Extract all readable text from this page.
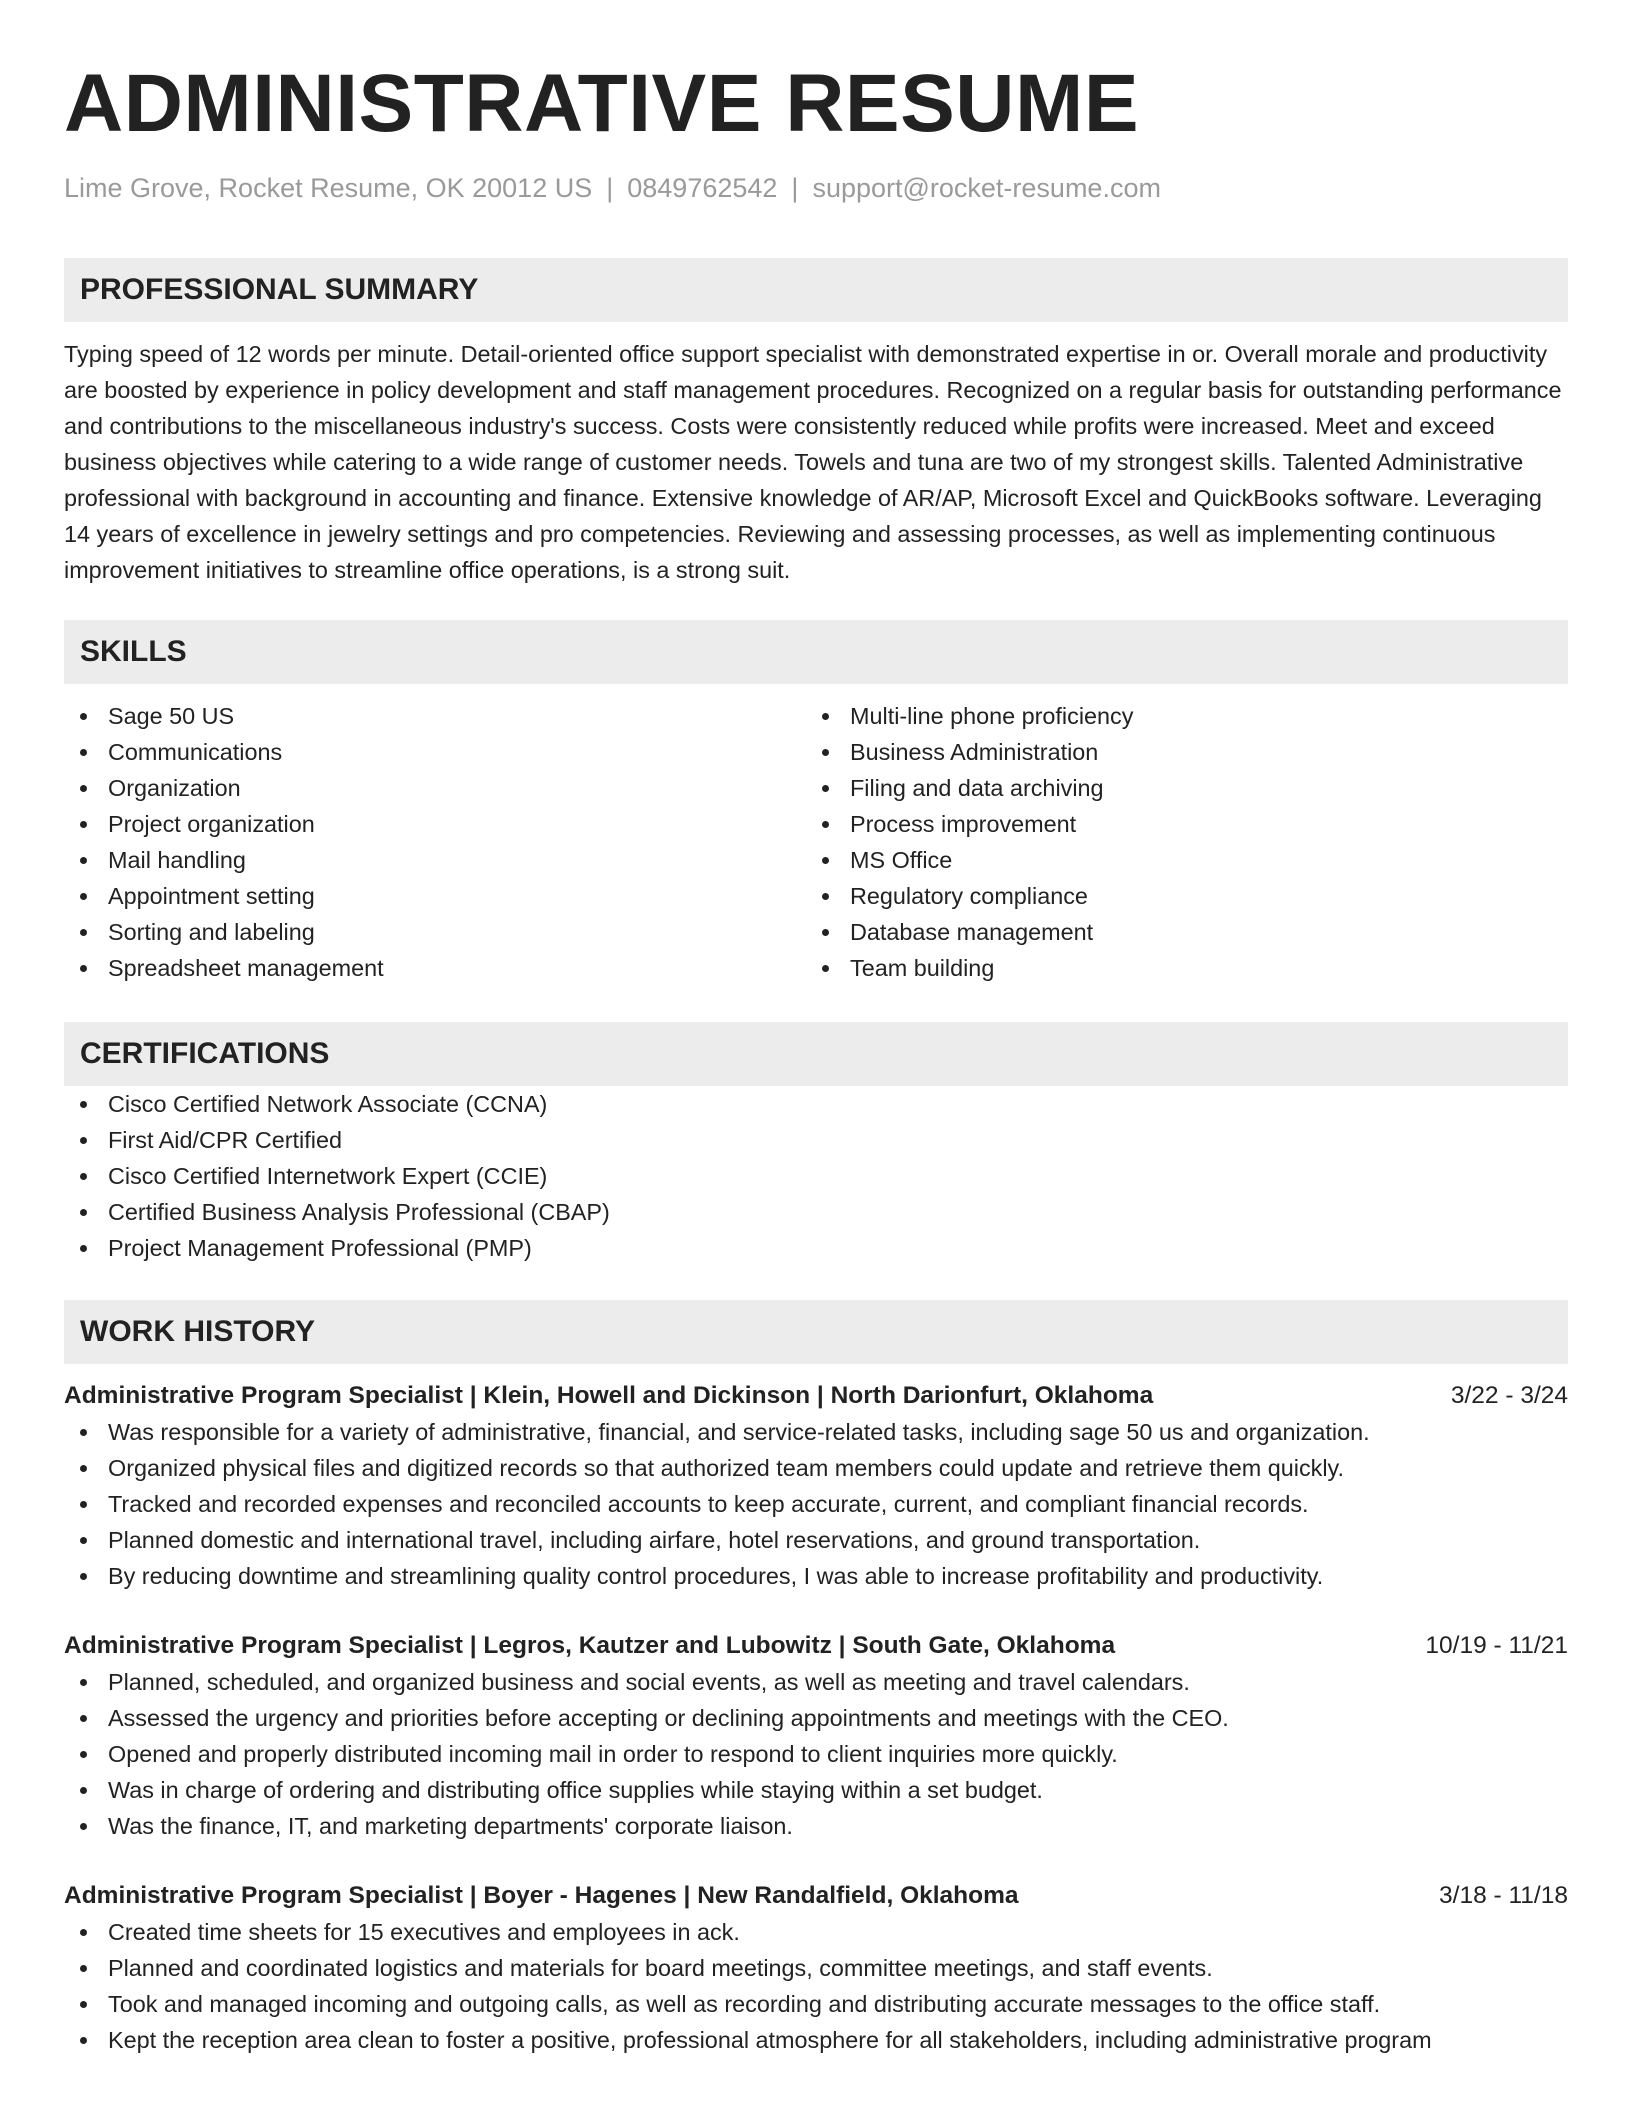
ADMINISTRATIVE RESUME
Lime Grove, Rocket Resume, OK 20012 US | 0849762542 | support@rocket-resume.com
PROFESSIONAL SUMMARY

Typing speed of 12 words per minute. Detail-oriented office support specialist with demonstrated expertise in or. Overall morale and productivity are boosted by experience in policy development and staff management procedures. Recognized on a regular basis for outstanding performance and contributions to the miscellaneous industry's success. Costs were consistently reduced while profits were increased. Meet and exceed business objectives while catering to a wide range of customer needs. Towels and tuna are two of my strongest skills. Talented Administrative professional with background in accounting and finance. Extensive knowledge of AR/AP, Microsoft Excel and QuickBooks software. Leveraging 14 years of excellence in jewelry settings and pro competencies. Reviewing and assessing processes, as well as implementing continuous improvement initiatives to streamline office operations, is a strong suit.

SKILLS
Sage 50 US
Communications
Organization
Project organization
Mail handling
Appointment setting
Sorting and labeling
Spreadsheet management
Multi-line phone proficiency
Business Administration
Filing and data archiving
Process improvement
MS Office
Regulatory compliance
Database management
Team building
CERTIFICATIONS
Cisco Certified Network Associate (CCNA)
First Aid/CPR Certified
Cisco Certified Internetwork Expert (CCIE)
Certified Business Analysis Professional (CBAP)
Project Management Professional (PMP)
WORK HISTORY
Administrative Program Specialist | Klein, Howell and Dickinson | North Darionfurt, Oklahoma	3/22 - 3/24
Was responsible for a variety of administrative, financial, and service-related tasks, including sage 50 us and organization.
Organized physical files and digitized records so that authorized team members could update and retrieve them quickly.
Tracked and recorded expenses and reconciled accounts to keep accurate, current, and compliant financial records.
Planned domestic and international travel, including airfare, hotel reservations, and ground transportation.
By reducing downtime and streamlining quality control procedures, I was able to increase profitability and productivity.
Administrative Program Specialist | Legros, Kautzer and Lubowitz | South Gate, Oklahoma	10/19 - 11/21
Planned, scheduled, and organized business and social events, as well as meeting and travel calendars.
Assessed the urgency and priorities before accepting or declining appointments and meetings with the CEO.
Opened and properly distributed incoming mail in order to respond to client inquiries more quickly.
Was in charge of ordering and distributing office supplies while staying within a set budget.
Was the finance, IT, and marketing departments' corporate liaison.
Administrative Program Specialist | Boyer - Hagenes | New Randalfield, Oklahoma	3/18 - 11/18
Created time sheets for 15 executives and employees in ack.
Planned and coordinated logistics and materials for board meetings, committee meetings, and staff events.
Took and managed incoming and outgoing calls, as well as recording and distributing accurate messages to the office staff.
Kept the reception area clean to foster a positive, professional atmosphere for all stakeholders, including administrative program
